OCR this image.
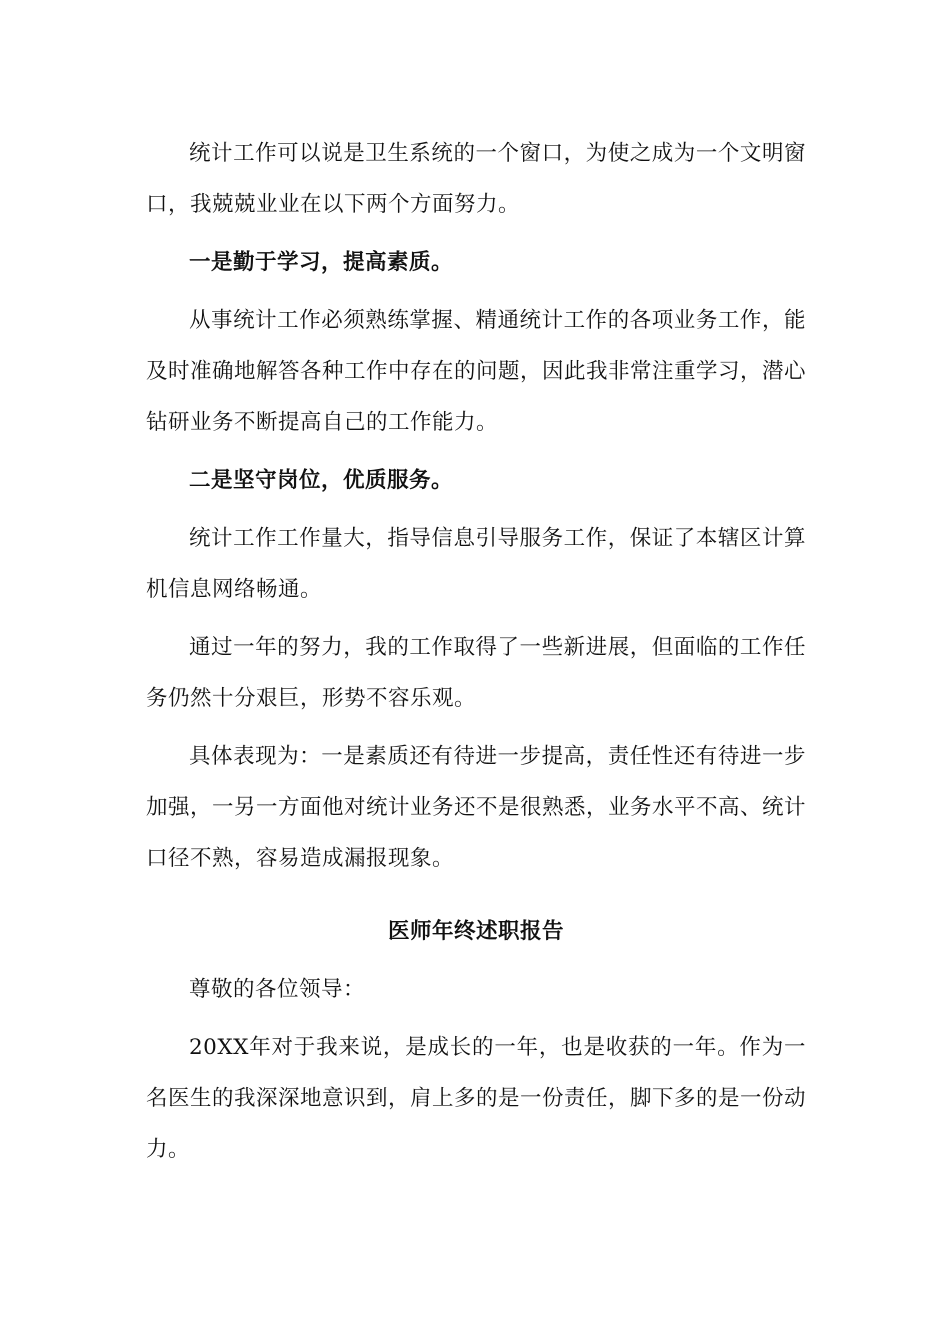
统计工作可以说是卫生系统的一个窗口，为使之成为一个文明窗口，我兢兢业业在以下两个方面努力。

一是勤于学习，提高素质。

从事统计工作必须熟练掌握、精通统计工作的各项业务工作，能及时准确地解答各种工作中存在的问题，因此我非常注重学习，潜心钻研业务不断提高自己的工作能力。

二是坚守岗位，优质服务。

统计工作工作量大，指导信息引导服务工作，保证了本辖区计算机信息网络畅通。

通过一年的努力，我的工作取得了一些新进展，但面临的工作任务仍然十分艰巨，形势不容乐观。

具体表现为：一是素质还有待进一步提高，责任性还有待进一步加强，一另一方面他对统计业务还不是很熟悉，业务水平不高、统计口径不熟，容易造成漏报现象。

医师年终述职报告

尊敬的各位领导：

20XX年对于我来说，是成长的一年，也是收获的一年。作为一名医生的我深深地意识到，肩上多的是一份责任，脚下多的是一份动力。
